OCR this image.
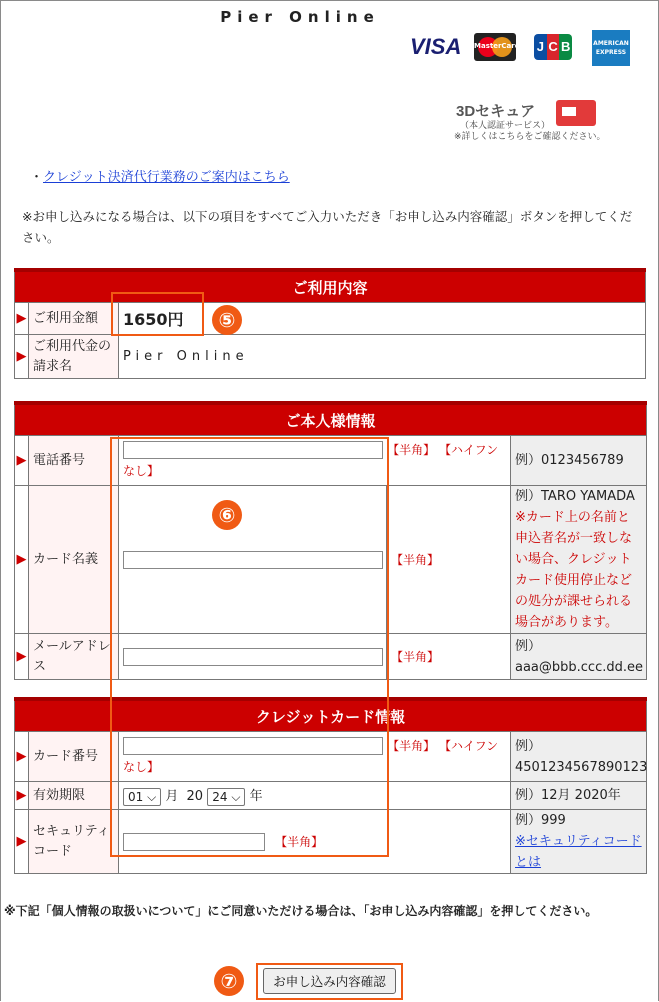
Pier Online
VISA	MasterCard J C B	AMERICAN EXPRESS
3Dセキュア
（本人認証サービス）
※詳しくはこちらをご確認ください。
・クレジット決済代行業務のご案内はこちら
※お申し込みになる場合は、以下の項目をすべてご入力いただき「お申し込み内容確認」ボタンを押してください。
ご利用内容		
▶	ご利用金額	1650円
▶	ご利用代金の請求名	Pier Online
ご本人様情報				
▶	電話番号	【半角】 【ハイフンなし】		例）0123456789
▶	カード名義		【半角】	例）TARO YAMADA
※カード上の名前と申込者名が一致しない場合、クレジットカード使用停止などの処分が課せられる場合があります。

▶	メールアドレス		【半角】	例）aaa@bbb.ccc.dd.ee
クレジットカード情報			
▶	カード番号	【半角】 【ハイフンなし】	例）4501234567890123
▶	有効期限	01 ⌵ 月 20 24 ⌵ 年	例）12月 2020年
▶	セキュリティコード	【半角】	例）999
※セキュリティコードとは
※下記「個人情報の取扱いについて」にご同意いただける場合は、「お申し込み内容確認」を押してください。
お申し込み内容確認
⑤
⑥
⑦
